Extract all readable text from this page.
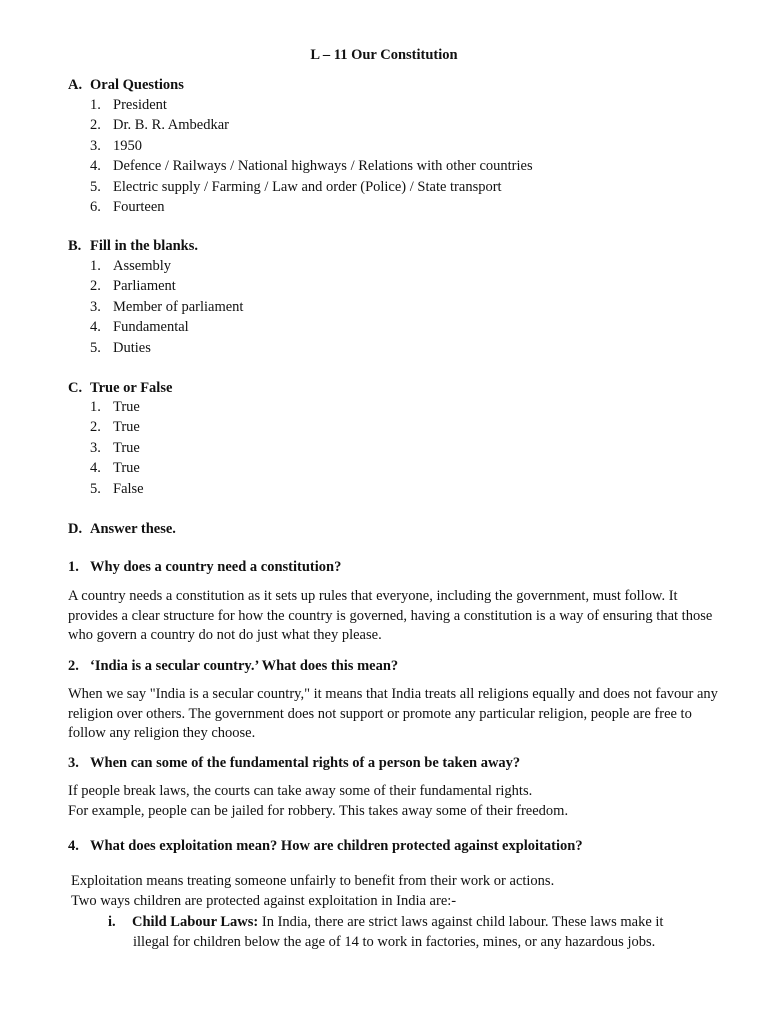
L – 11 Our Constitution
A. Oral Questions
1. President
2. Dr. B. R. Ambedkar
3. 1950
4. Defence / Railways / National highways / Relations with other countries
5. Electric supply / Farming / Law and order (Police) / State transport
6. Fourteen
B. Fill in the blanks.
1. Assembly
2. Parliament
3. Member of parliament
4. Fundamental
5. Duties
C. True or False
1. True
2. True
3. True
4. True
5. False
D. Answer these.
1. Why does a country need a constitution?

A country needs a constitution as it sets up rules that everyone, including the government, must follow. It provides a clear structure for how the country is governed, having a constitution is a way of ensuring that those who govern a country do not do just what they please.

2. ‘India is a secular country.’ What does this mean?

When we say "India is a secular country," it means that India treats all religions equally and does not favour any religion over others. The government does not support or promote any particular religion, people are free to follow any religion they choose.

3. When can some of the fundamental rights of a person be taken away?

If people break laws, the courts can take away some of their fundamental rights.

For example, people can be jailed for robbery. This takes away some of their freedom.

4. What does exploitation mean? How are children protected against exploitation?

Exploitation means treating someone unfairly to benefit from their work or actions.

Two ways children are protected against exploitation in India are:-

i. Child Labour Laws: In India, there are strict laws against child labour. These laws make it
illegal for children below the age of 14 to work in factories, mines, or any hazardous jobs.
